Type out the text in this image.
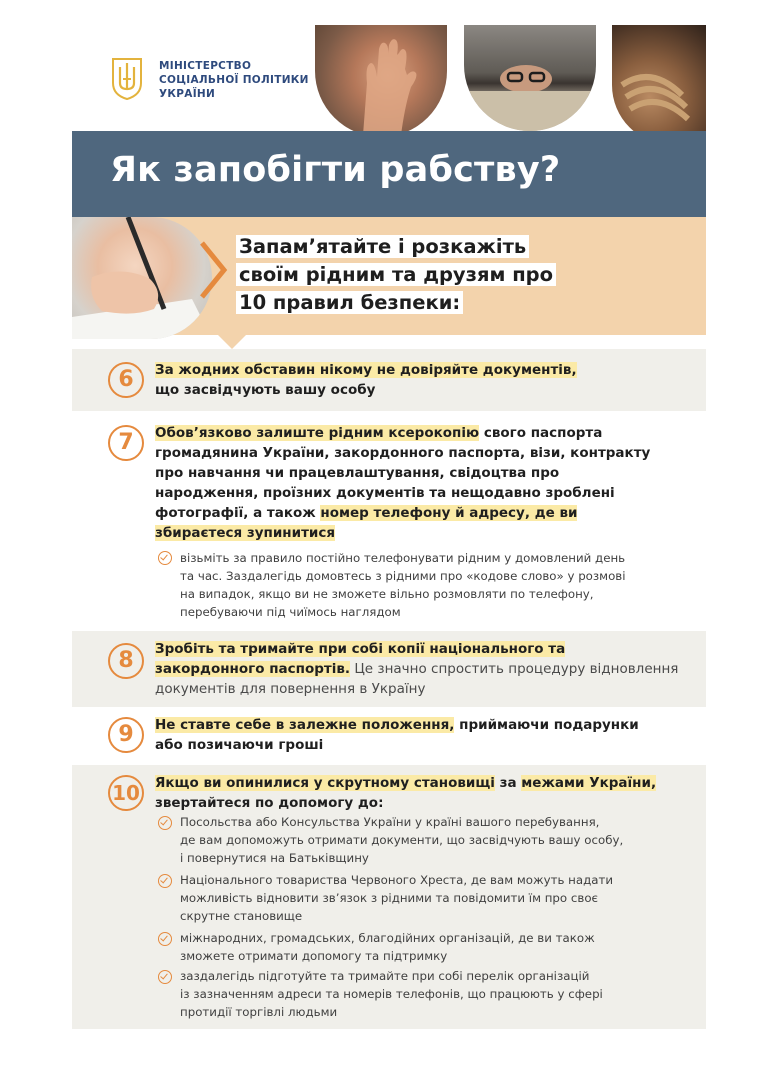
МІНІСТЕРСТВО
СОЦІАЛЬНОЇ ПОЛІТИКИ
УКРАЇНИ
Як запобігти рабству?
Запам’ятайте і розкажіть
своїм рідним та друзям про
10 правил безпеки:
6	За жодних обставин нікому не довіряйте документів,
що засвідчують вашу особу
7	Обов’язково залиште рідним ксерокопію свого паспорта
громадянина України, закордонного паспорта, візи, контракту
про навчання чи працевлаштування, свідоцтва про
народження, проїзних документів та нещодавно зроблені
фотографії, а також номер телефону й адресу, де ви
збираєтеся зупинитися
візьміть за правило постійно телефонувати рідним у домовлений день
та час. Заздалегідь домовтесь з рідними про «кодове слово» у розмові
на випадок, якщо ви не зможете вільно розмовляти по телефону,
перебуваючи під чиїмось наглядом
8	Зробіть та тримайте при собі копії національного та
закордонного паспортів. Це значно спростить процедуру відновлення
документів для повернення в Україну
9	Не ставте себе в залежне положення, приймаючи подарунки
або позичаючи гроші
10	Якщо ви опинилися у скрутному становищі за межами України,
звертайтеся по допомогу до:
Посольства або Консульства України у країні вашого перебування,
де вам допоможуть отримати документи, що засвідчують вашу особу,
і повернутися на Батьківщину
Національного товариства Червоного Хреста, де вам можуть надати
можливість відновити зв’язок з рідними та повідомити їм про своє
скрутне становище
міжнародних, громадських, благодійних організацій, де ви також
зможете отримати допомогу та підтримку
заздалегідь підготуйте та тримайте при собі перелік організацій
із зазначенням адреси та номерів телефонів, що працюють у сфері
протидії торгівлі людьми
